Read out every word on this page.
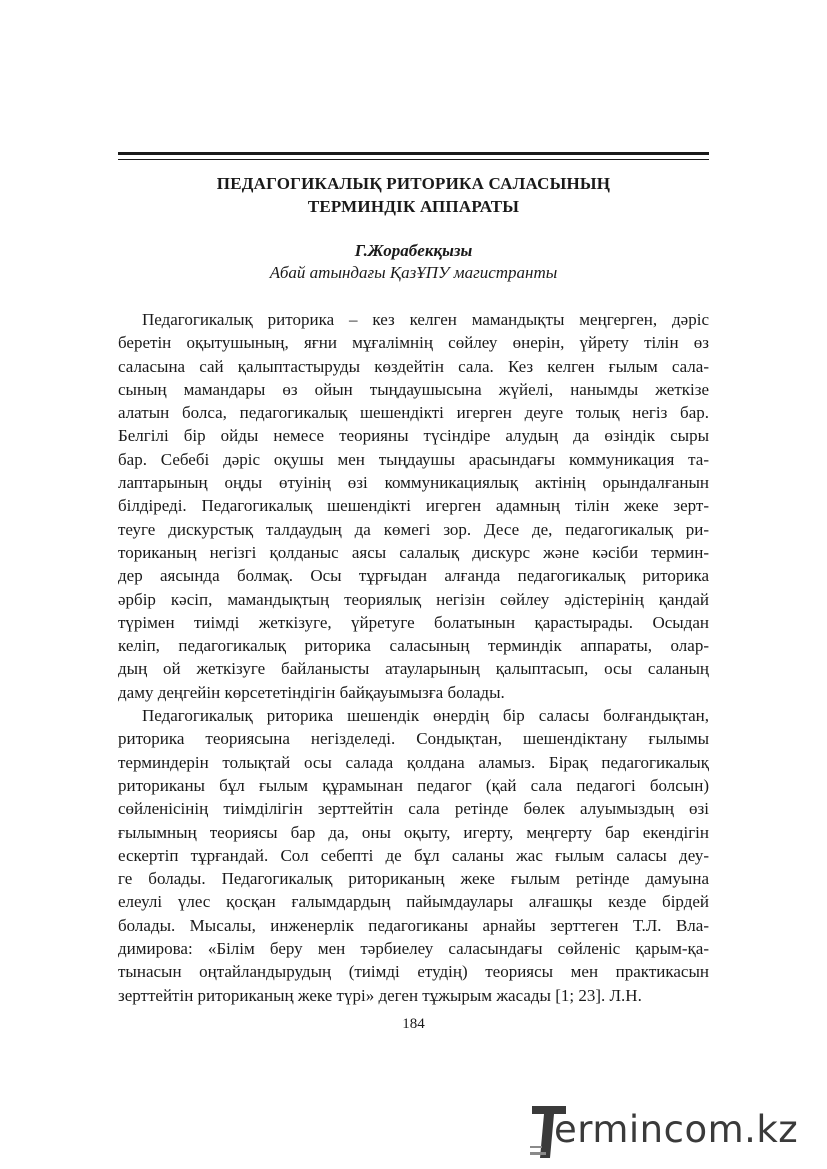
ПЕДАГОГИКАЛЫҚ РИТОРИКА САЛАСЫНЫҢ
ТЕРМИНДІК АППАРАТЫ
Г.Жорабекқызы
Абай атындағы ҚазҰПУ магистранты
Педагогикалық риторика – кез келген мамандықты меңгерген, дәріс
беретін оқытушының, яғни мұғалімнің сөйлеу өнерін, үйрету тілін өз
саласына сай қалыптастыруды көздейтін сала. Кез келген ғылым сала-
сының мамандары өз ойын тыңдаушысына жүйелі, нанымды жеткізе
алатын болса, педагогикалық шешендікті игерген деуге толық негіз бар.
Белгілі бір ойды немесе теорияны түсіндіре алудың да өзіндік сыры
бар. Себебі дәріс оқушы мен тыңдаушы арасындағы коммуникация та-
лаптарының оңды өтуінің өзі коммуникациялық актінің орындалғанын
білдіреді. Педагогикалық шешендікті игерген адамның тілін жеке зерт-
теуге дискурстық талдаудың да көмегі зор. Десе де, педагогикалық ри-
ториканың негізгі қолданыс аясы салалық дискурс және кәсіби термин-
дер аясында болмақ. Осы тұрғыдан алғанда педагогикалық риторика
әрбір кәсіп, мамандықтың теориялық негізін сөйлеу әдістерінің қандай
түрімен тиімді жеткізуге, үйретуге болатынын қарастырады. Осыдан
келіп, педагогикалық риторика саласының терминдік аппараты, олар-
дың ой жеткізуге байланысты атауларының қалыптасып, осы саланың
даму деңгейін көрсететіндігін байқауымызға болады.
Педагогикалық риторика шешендік өнердің бір саласы болғандықтан,
риторика теориясына негізделеді. Сондықтан, шешендіктану ғылымы
терминдерін толықтай осы салада қолдана аламыз. Бірақ педагогикалық
риториканы бұл ғылым құрамынан педагог (қай сала педагогі болсын)
сөйленісінің тиімділігін зерттейтін сала ретінде бөлек алуымыздың өзі
ғылымның теориясы бар да, оны оқыту, игерту, меңгерту бар екендігін
ескертіп тұрғандай. Сол себепті де бұл саланы жас ғылым саласы деу-
ге болады. Педагогикалық риториканың жеке ғылым ретінде дамуына
елеулі үлес қосқан ғалымдардың пайымдаулары алғашқы кезде бірдей
болады. Мысалы, инженерлік педагогиканы арнайы зерттеген Т.Л. Вла-
димирова: «Білім беру мен тәрбиелеу саласындағы сөйленіс қарым-қа-
тынасын оңтайландырудың (тиімді етудің) теориясы мен практикасын
зерттейтін риториканың жеке түрі» деген тұжырым жасады [1; 23]. Л.Н.
184
ermincom.kz
